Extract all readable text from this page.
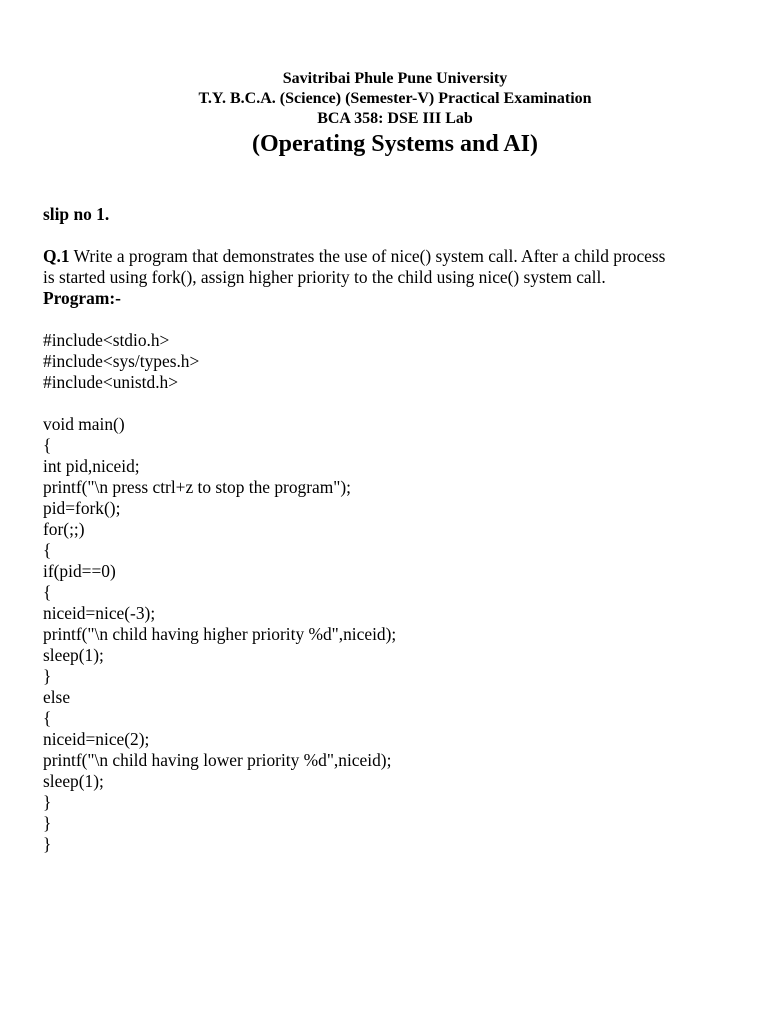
Savitribai Phule Pune University
T.Y. B.C.A. (Science) (Semester-V) Practical Examination
BCA 358: DSE III Lab
(Operating Systems and AI)
slip no 1.
Q.1 Write a program that demonstrates the use of nice() system call. After a child process
is started using fork(), assign higher priority to the child using nice() system call.
Program:-
#include<stdio.h>
#include<sys/types.h>
#include<unistd.h>
void main()
{
int pid,niceid;
printf("\n press ctrl+z to stop the program");
pid=fork();
for(;;)
{
if(pid==0)
{
niceid=nice(-3);
printf("\n child having higher priority %d",niceid);
sleep(1);
}
else
{
niceid=nice(2);
printf("\n child having lower priority %d",niceid);
sleep(1);
}
}
}
